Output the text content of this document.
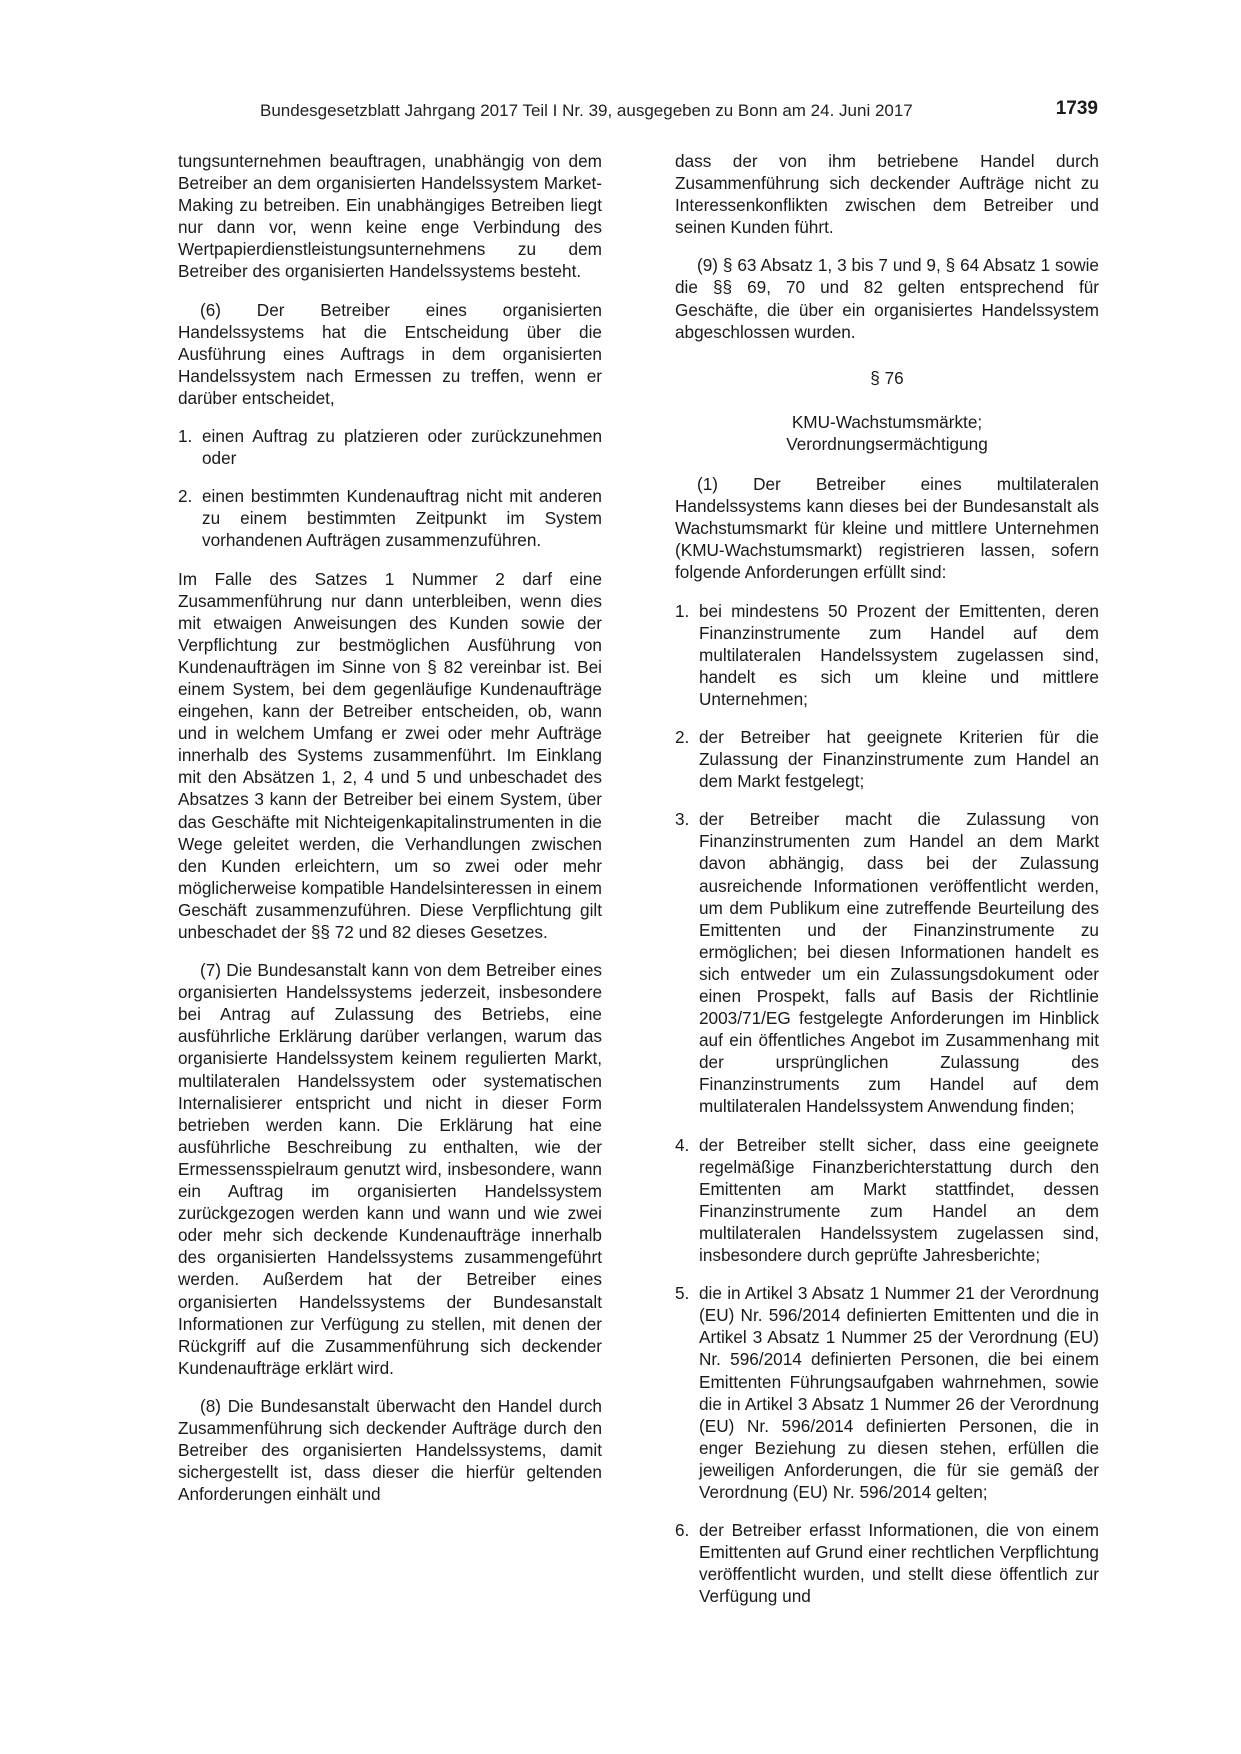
Bundesgesetzblatt Jahrgang 2017 Teil I Nr. 39, ausgegeben zu Bonn am 24. Juni 2017	1739

tungsunternehmen beauftragen, unabhängig von dem Betreiber an dem organisierten Handelssystem Market-Making zu betreiben. Ein unabhängiges Betreiben liegt nur dann vor, wenn keine enge Verbindung des Wertpapierdienstleistungsunternehmens zu dem Betreiber des organisierten Handelssystems besteht.

(6) Der Betreiber eines organisierten Handelssystems hat die Entscheidung über die Ausführung eines Auftrags in dem organisierten Handelssystem nach Ermessen zu treffen, wenn er darüber entscheidet,

1. einen Auftrag zu platzieren oder zurückzunehmen oder
2. einen bestimmten Kundenauftrag nicht mit anderen zu einem bestimmten Zeitpunkt im System vorhandenen Aufträgen zusammenzuführen.

Im Falle des Satzes 1 Nummer 2 darf eine Zusammenführung nur dann unterbleiben, wenn dies mit etwaigen Anweisungen des Kunden sowie der Verpflichtung zur bestmöglichen Ausführung von Kundenaufträgen im Sinne von § 82 vereinbar ist. Bei einem System, bei dem gegenläufige Kundenaufträge eingehen, kann der Betreiber entscheiden, ob, wann und in welchem Umfang er zwei oder mehr Aufträge innerhalb des Systems zusammenführt. Im Einklang mit den Absätzen 1, 2, 4 und 5 und unbeschadet des Absatzes 3 kann der Betreiber bei einem System, über das Geschäfte mit Nichteigenkapitalinstrumenten in die Wege geleitet werden, die Verhandlungen zwischen den Kunden erleichtern, um so zwei oder mehr möglicherweise kompatible Handelsinteressen in einem Geschäft zusammenzuführen. Diese Verpflichtung gilt unbeschadet der §§ 72 und 82 dieses Gesetzes.

(7) Die Bundesanstalt kann von dem Betreiber eines organisierten Handelssystems jederzeit, insbesondere bei Antrag auf Zulassung des Betriebs, eine ausführliche Erklärung darüber verlangen, warum das organisierte Handelssystem keinem regulierten Markt, multilateralen Handelssystem oder systematischen Internalisierer entspricht und nicht in dieser Form betrieben werden kann. Die Erklärung hat eine ausführliche Beschreibung zu enthalten, wie der Ermessensspielraum genutzt wird, insbesondere, wann ein Auftrag im organisierten Handelssystem zurückgezogen werden kann und wann und wie zwei oder mehr sich deckende Kundenaufträge innerhalb des organisierten Handelssystems zusammengeführt werden. Außerdem hat der Betreiber eines organisierten Handelssystems der Bundesanstalt Informationen zur Verfügung zu stellen, mit denen der Rückgriff auf die Zusammenführung sich deckender Kundenaufträge erklärt wird.

(8) Die Bundesanstalt überwacht den Handel durch Zusammenführung sich deckender Aufträge durch den Betreiber des organisierten Handelssystems, damit sichergestellt ist, dass dieser die hierfür geltenden Anforderungen einhält und

dass der von ihm betriebene Handel durch Zusammenführung sich deckender Aufträge nicht zu Interessenkonflikten zwischen dem Betreiber und seinen Kunden führt.

(9) § 63 Absatz 1, 3 bis 7 und 9, § 64 Absatz 1 sowie die §§ 69, 70 und 82 gelten entsprechend für Geschäfte, die über ein organisiertes Handelssystem abgeschlossen wurden.

§ 76

KMU-Wachstumsmärkte;

Verordnungsermächtigung

(1) Der Betreiber eines multilateralen Handelssystems kann dieses bei der Bundesanstalt als Wachstumsmarkt für kleine und mittlere Unternehmen (KMU-Wachstumsmarkt) registrieren lassen, sofern folgende Anforderungen erfüllt sind:

1. bei mindestens 50 Prozent der Emittenten, deren Finanzinstrumente zum Handel auf dem multilateralen Handelssystem zugelassen sind, handelt es sich um kleine und mittlere Unternehmen;
2. der Betreiber hat geeignete Kriterien für die Zulassung der Finanzinstrumente zum Handel an dem Markt festgelegt;
3. der Betreiber macht die Zulassung von Finanzinstrumenten zum Handel an dem Markt davon abhängig, dass bei der Zulassung ausreichende Informationen veröffentlicht werden, um dem Publikum eine zutreffende Beurteilung des Emittenten und der Finanzinstrumente zu ermöglichen; bei diesen Informationen handelt es sich entweder um ein Zulassungsdokument oder einen Prospekt, falls auf Basis der Richtlinie 2003/71/EG festgelegte Anforderungen im Hinblick auf ein öffentliches Angebot im Zusammenhang mit der ursprünglichen Zulassung des Finanzinstruments zum Handel auf dem multilateralen Handelssystem Anwendung finden;
4. der Betreiber stellt sicher, dass eine geeignete regelmäßige Finanzberichterstattung durch den Emittenten am Markt stattfindet, dessen Finanzinstrumente zum Handel an dem multilateralen Handelssystem zugelassen sind, insbesondere durch geprüfte Jahresberichte;
5. die in Artikel 3 Absatz 1 Nummer 21 der Verordnung (EU) Nr. 596/2014 definierten Emittenten und die in Artikel 3 Absatz 1 Nummer 25 der Verordnung (EU) Nr. 596/2014 definierten Personen, die bei einem Emittenten Führungsaufgaben wahrnehmen, sowie die in Artikel 3 Absatz 1 Nummer 26 der Verordnung (EU) Nr. 596/2014 definierten Personen, die in enger Beziehung zu diesen stehen, erfüllen die jeweiligen Anforderungen, die für sie gemäß der Verordnung (EU) Nr. 596/2014 gelten;
6. der Betreiber erfasst Informationen, die von einem Emittenten auf Grund einer rechtlichen Verpflichtung veröffentlicht wurden, und stellt diese öffentlich zur Verfügung und
